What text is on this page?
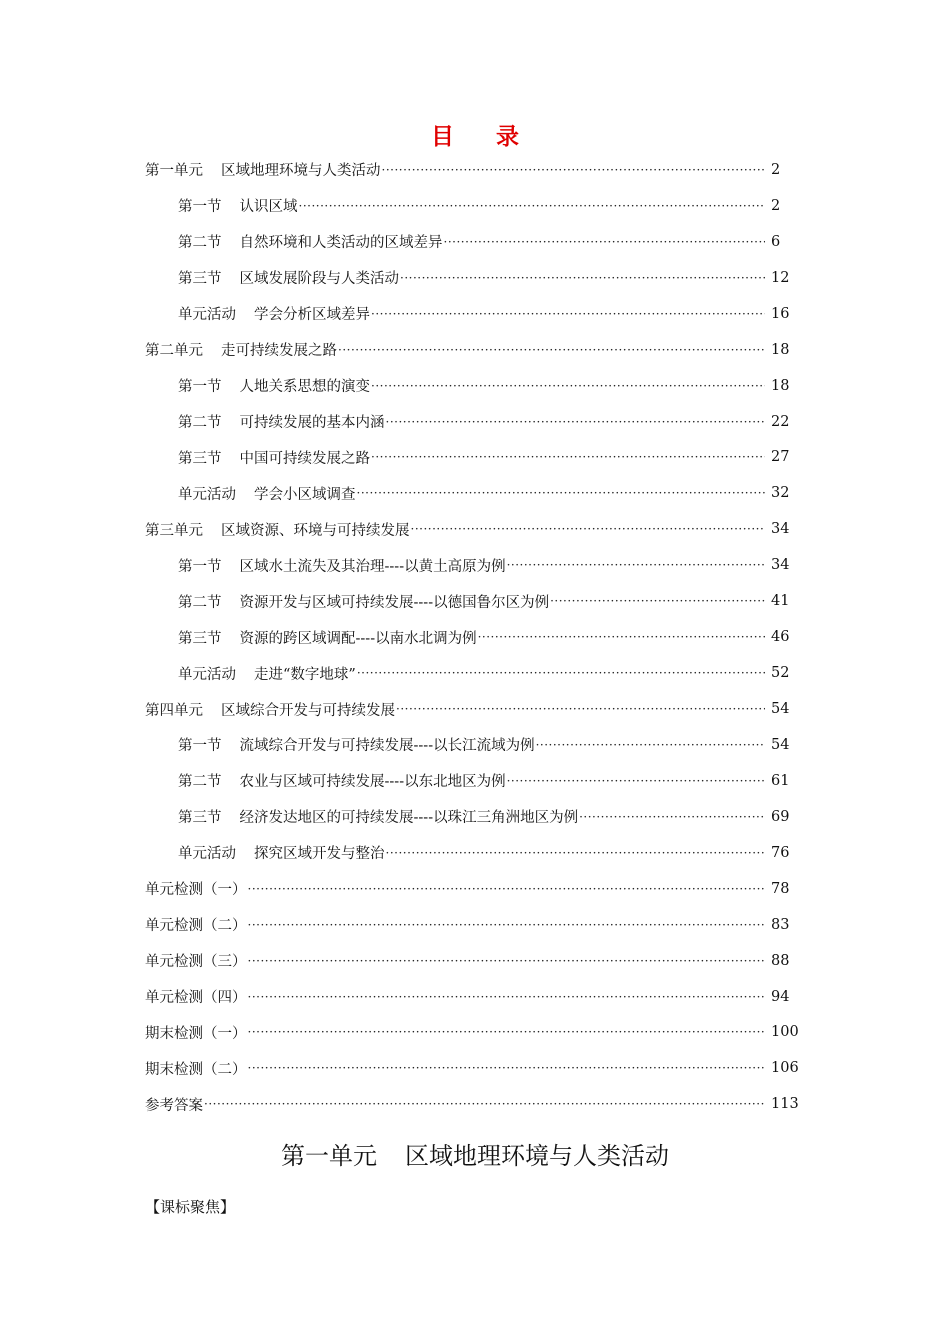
目 录
第一单元 区域地理环境与人类活动 ·····	2
第一节 认识区域 ·····	2
第二节 自然环境和人类活动的区域差异 ·····	6
第三节 区域发展阶段与人类活动 ·····	12
单元活动 学会分析区域差异 ·····	16
第二单元 走可持续发展之路 ·····	18
第一节 人地关系思想的演变 ·····	18
第二节 可持续发展的基本内涵 ·····	22
第三节 中国可持续发展之路 ·····	27
单元活动 学会小区域调查 ·····	32
第三单元 区域资源、环境与可持续发展 ·····	34
第一节 区域水土流失及其治理----以黄土高原为例 ·····	34
第二节 资源开发与区域可持续发展----以德国鲁尔区为例 ·····	41
第三节 资源的跨区域调配----以南水北调为例 ·····	46
单元活动 走进“数字地球” ·····	52
第四单元 区域综合开发与可持续发展 ·····	54
第一节 流域综合开发与可持续发展----以长江流域为例 ·····	54
第二节 农业与区域可持续发展----以东北地区为例 ·····	61
第三节 经济发达地区的可持续发展----以珠江三角洲地区为例 ·····	69
单元活动 探究区域开发与整治 ·····	76
单元检测（一） ·····	78
单元检测（二） ·····	83
单元检测（三） ·····	88
单元检测（四） ·····	94
期末检测（一） ·····	100
期末检测（二） ·····	106
参考答案 ·····	113
第一单元 区域地理环境与人类活动
【课标聚焦】
